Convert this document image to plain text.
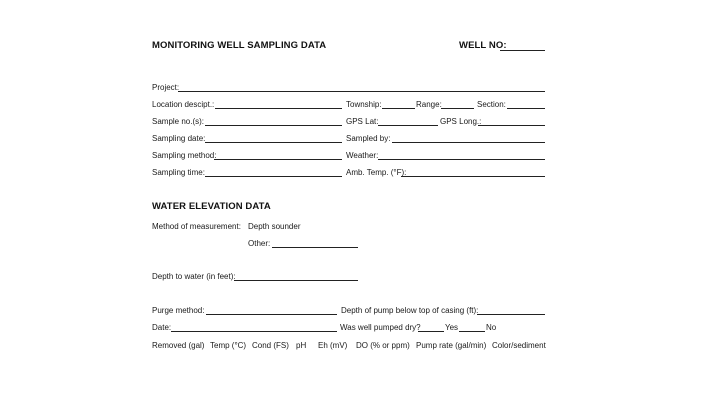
MONITORING WELL SAMPLING DATA	WELL NO:
Project:
Location descipt.:	Township:	Range:	Section:
Sample no.(s):	GPS Lat:	GPS Long.:
Sampling date:	Sampled by:
Sampling method:	Weather:
Sampling time:	Amb. Temp. (°F):
WATER ELEVATION DATA
Method of measurement: Depth sounder
Other:
Depth to water (in feet):
Purge method:	Depth of pump below top of casing (ft):
Date:	Was well pumped dry?	Yes	No
Removed (gal) Temp (°C) Cond (FS) pH Eh (mV) DO (% or ppm) Pump rate (gal/min) Color/sediment
